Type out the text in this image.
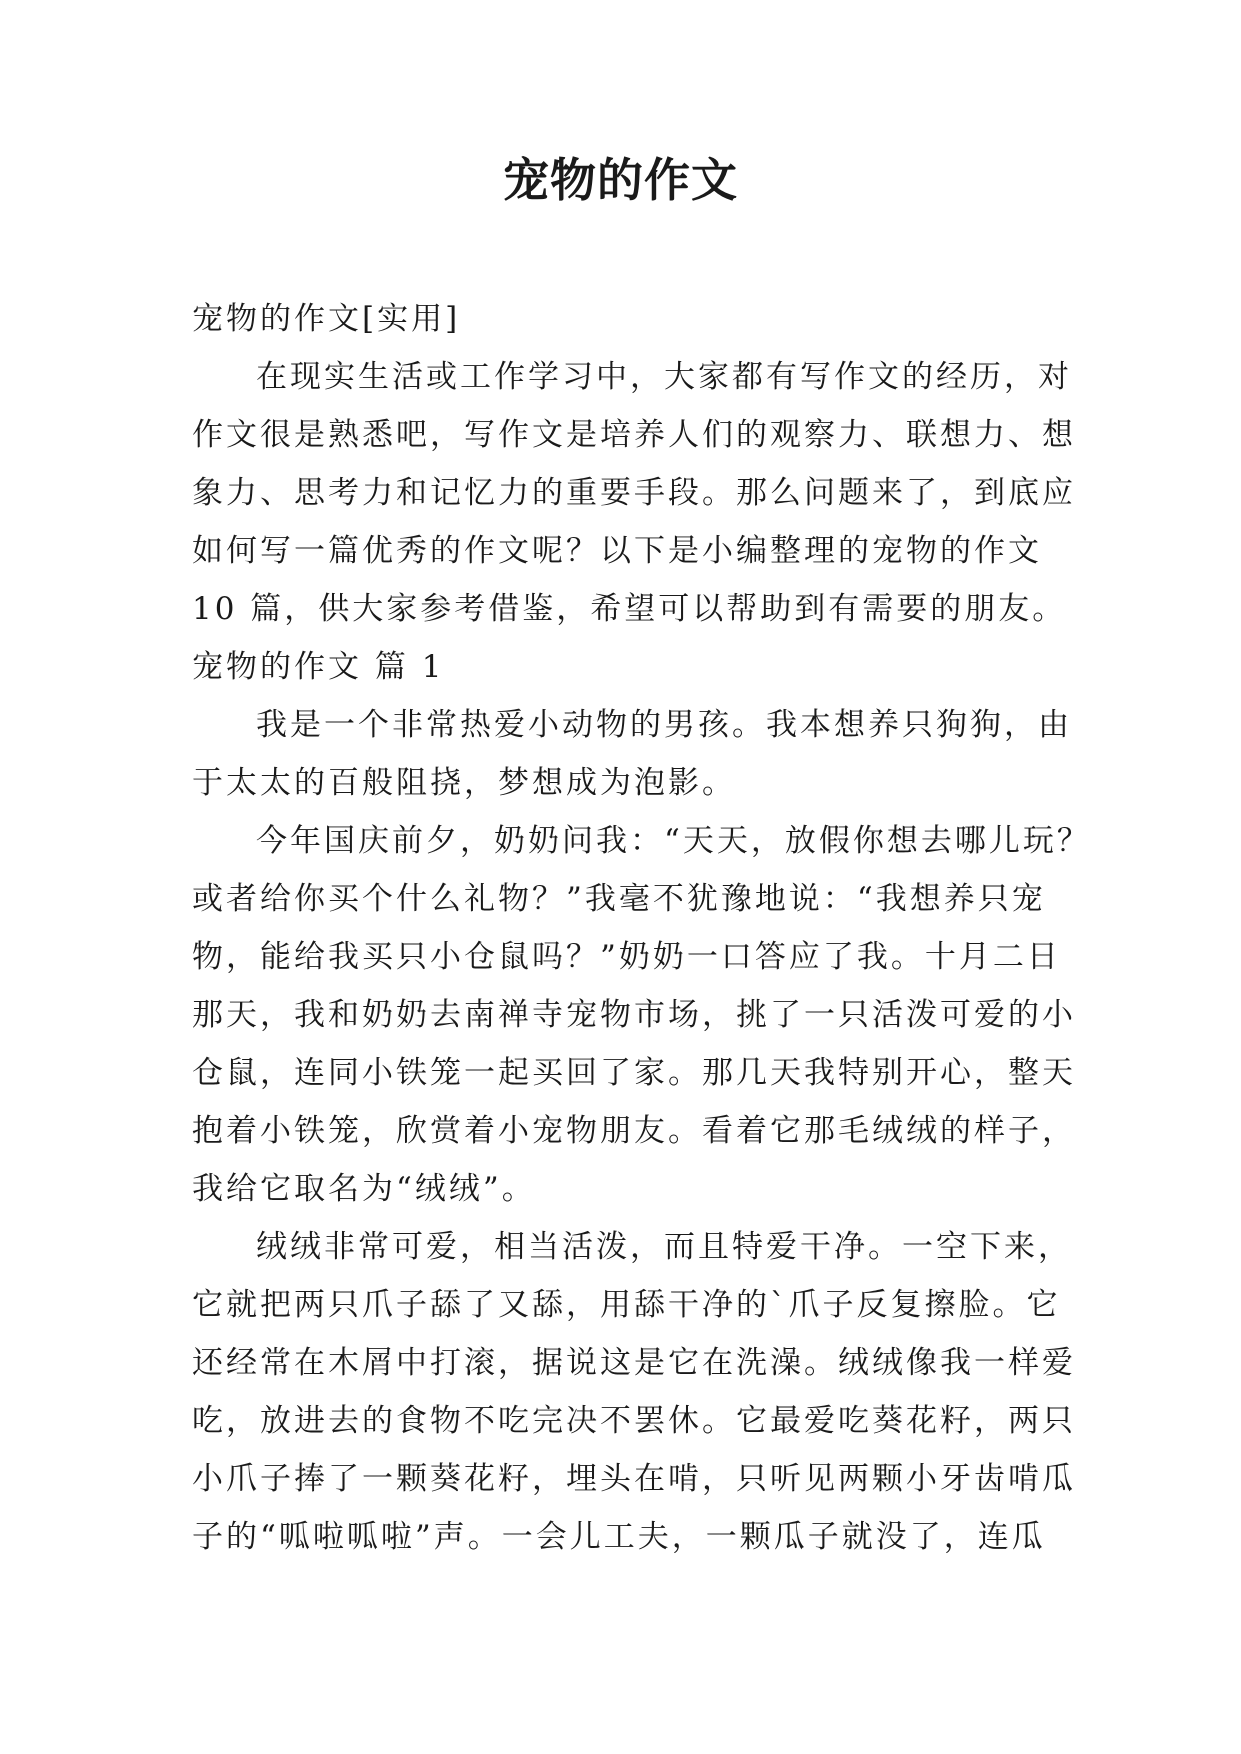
宠物的作文
宠物的作文[实用]
在现实生活或工作学习中，大家都有写作文的经历，对
作文很是熟悉吧，写作文是培养人们的观察力、联想力、想
象力、思考力和记忆力的重要手段。那么问题来了，到底应
如何写一篇优秀的作文呢？以下是小编整理的宠物的作文
10 篇，供大家参考借鉴，希望可以帮助到有需要的朋友。
宠物的作文 篇 1
我是一个非常热爱小动物的男孩。我本想养只狗狗，由
于太太的百般阻挠，梦想成为泡影。
今年国庆前夕，奶奶问我：“天天，放假你想去哪儿玩？
或者给你买个什么礼物？”我毫不犹豫地说：“我想养只宠
物，能给我买只小仓鼠吗？”奶奶一口答应了我。十月二日
那天，我和奶奶去南禅寺宠物市场，挑了一只活泼可爱的小
仓鼠，连同小铁笼一起买回了家。那几天我特别开心，整天
抱着小铁笼，欣赏着小宠物朋友。看着它那毛绒绒的样子，
我给它取名为“绒绒”。
绒绒非常可爱，相当活泼，而且特爱干净。一空下来，
它就把两只爪子舔了又舔，用舔干净的`爪子反复擦脸。它
还经常在木屑中打滚，据说这是它在洗澡。绒绒像我一样爱
吃，放进去的食物不吃完决不罢休。它最爱吃葵花籽，两只
小爪子捧了一颗葵花籽，埋头在啃，只听见两颗小牙齿啃瓜
子的“呱啦呱啦”声。一会儿工夫，一颗瓜子就没了，连瓜
